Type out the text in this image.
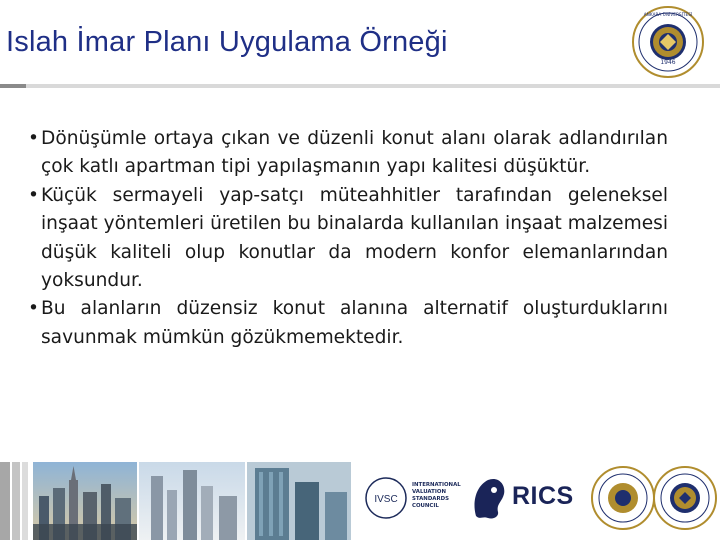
Islah İmar Planı Uygulama Örneği
1946
ANKARA ÜNİVERSİTESİ
• Dönüşümle ortaya çıkan ve düzenli konut alanı olarak adlandırılan çok katlı apartman tipi yapılaşmanın yapı kalitesi düşüktür.
• Küçük sermayeli yap-satçı müteahhitler tarafından geleneksel inşaat yöntemleri üretilen bu binalarda kullanılan inşaat malzemesi düşük kaliteli olup konutlar da modern konfor elemanlarından yoksundur.
• Bu alanların düzensiz konut alanına alternatif oluşturduklarını savunmak mümkün gözükmemektedir.
IVSC
INTERNATIONAL VALUATION STANDARDS COUNCIL	RICS
